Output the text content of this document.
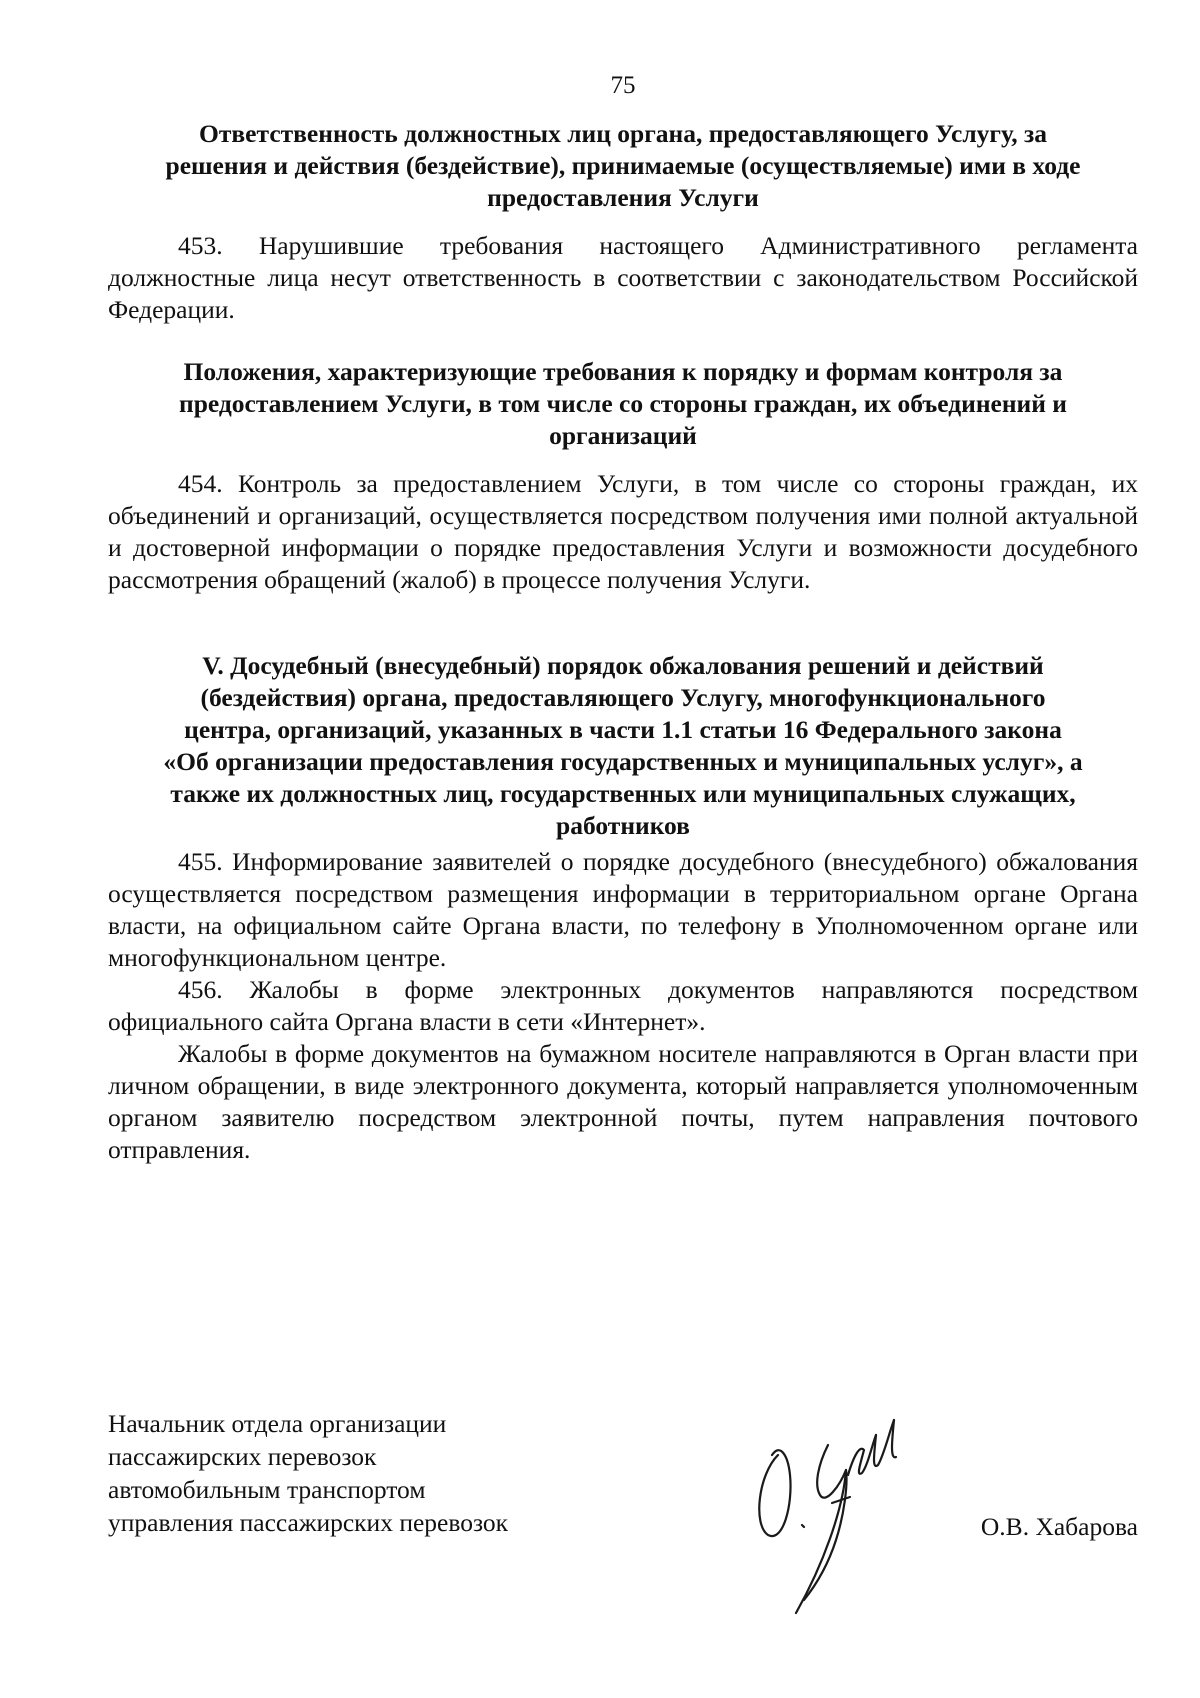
75
Ответственность должностных лиц органа, предоставляющего Услугу, за
решения и действия (бездействие), принимаемые (осуществляемые) ими в ходе
предоставления Услуги
453. Нарушившие требования настоящего Административного регламента должностные лица несут ответственность в соответствии с законодательством Российской Федерации.
Положения, характеризующие требования к порядку и формам контроля за
предоставлением Услуги, в том числе со стороны граждан, их объединений и
организаций
454. Контроль за предоставлением Услуги, в том числе со стороны граждан, их объединений и организаций, осуществляется посредством получения ими полной актуальной и достоверной информации о порядке предоставления Услуги и возможности досудебного рассмотрения обращений (жалоб) в процессе получения Услуги.
V. Досудебный (внесудебный) порядок обжалования решений и действий
(бездействия) органа, предоставляющего Услугу, многофункционального
центра, организаций, указанных в части 1.1 статьи 16 Федерального закона
«Об организации предоставления государственных и муниципальных услуг», а
также их должностных лиц, государственных или муниципальных служащих,
работников
455. Информирование заявителей о порядке досудебного (внесудебного) обжалования осуществляется посредством размещения информации в территориальном органе Органа власти, на официальном сайте Органа власти, по телефону в Уполномоченном органе или многофункциональном центре.
456. Жалобы в форме электронных документов направляются посредством официального сайта Органа власти в сети «Интернет».
Жалобы в форме документов на бумажном носителе направляются в Орган власти при личном обращении, в виде электронного документа, который направляется уполномоченным органом заявителю посредством электронной почты, путем направления почтового отправления.
Начальник отдела организации
пассажирских перевозок
автомобильным транспортом
управления пассажирских перевозок	О.В. Хабарова
